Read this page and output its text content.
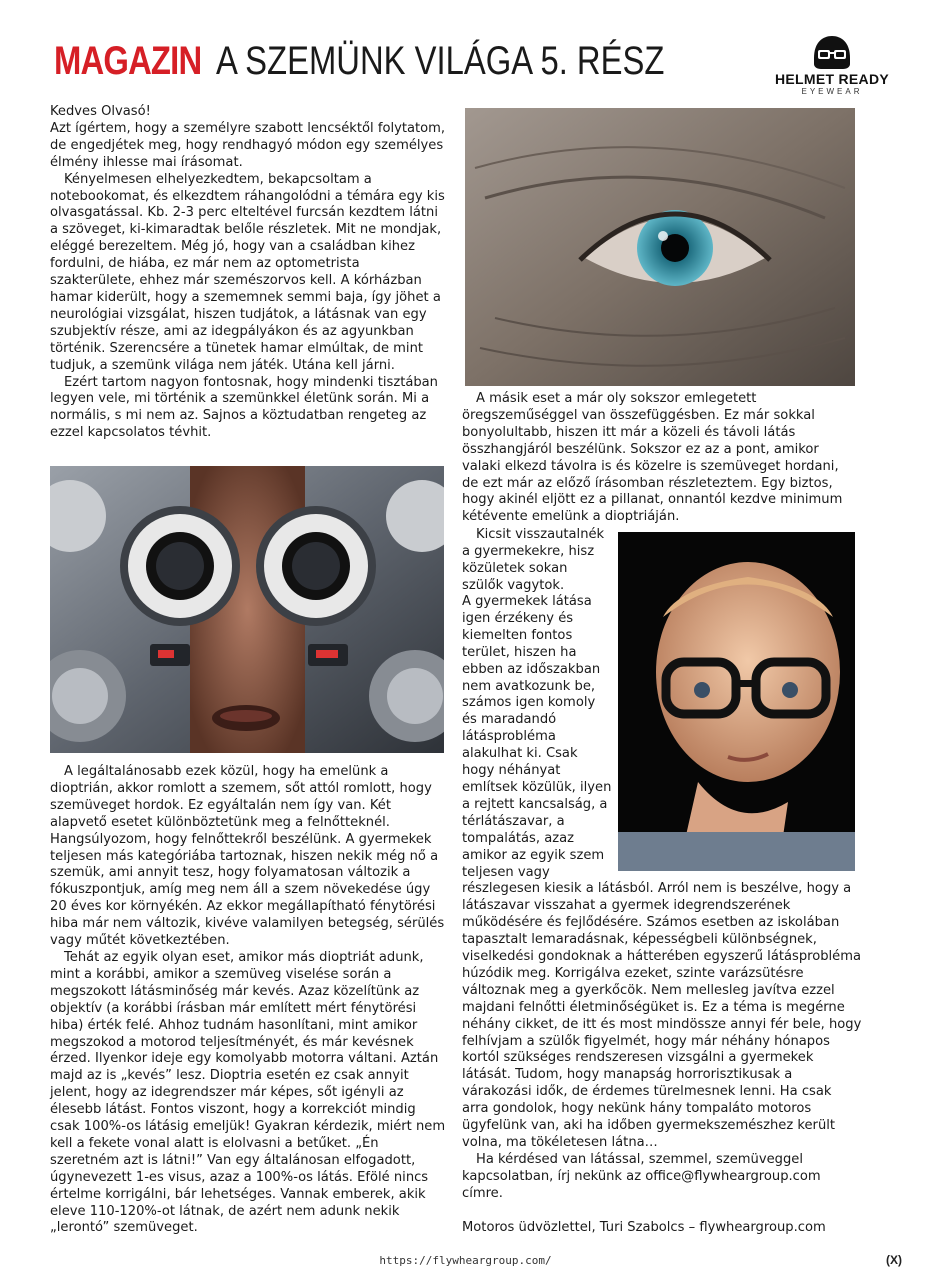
MAGAZIN A SZEMÜNK VILÁGA 5. RÉSZ	HELMET READY
EYEWEAR

Kedves Olvasó!

Azt ígértem, hogy a személyre szabott lencséktől folytatom, de engedjétek meg, hogy rendhagyó módon egy személyes élmény ihlesse mai írásomat.

Kényelmesen elhelyezkedtem, bekapcsoltam a notebookomat, és elkezdtem ráhangolódni a témára egy kis olvasgatással. Kb. 2-3 perc elteltével furcsán kezdtem látni a szöveget, ki-kimaradtak belőle részletek. Mit ne mondjak, eléggé berezeltem. Még jó, hogy van a családban kihez fordulni, de hiába, ez már nem az optometrista szakterülete, ehhez már szemészorvos kell. A kórházban hamar kiderült, hogy a szememnek semmi baja, így jöhet a neurológiai vizsgálat, hiszen tudjátok, a látásnak van egy szubjektív része, ami az idegpályákon és az agyunkban történik. Szerencsére a tünetek hamar elmúltak, de mint tudjuk, a szemünk világa nem játék. Utána kell járni.

Ezért tartom nagyon fontosnak, hogy mindenki tisztában legyen vele, mi történik a szemünkkel életünk során. Mi a normális, s mi nem az. Sajnos a köztudatban rengeteg az ezzel kapcsolatos tévhit.

A legáltalánosabb ezek közül, hogy ha emelünk a dioptrián, akkor romlott a szemem, sőt attól romlott, hogy szemüveget hordok. Ez egyáltalán nem így van. Két alapvető esetet különböztetünk meg a felnőtteknél. Hangsúlyozom, hogy felnőttekről beszélünk. A gyermekek teljesen más kategóriába tartoznak, hiszen nekik még nő a szemük, ami annyit tesz, hogy folyamatosan változik a fókuszpontjuk, amíg meg nem áll a szem növekedése úgy 20 éves kor környékén. Az ekkor megállapítható fénytörési hiba már nem változik, kivéve valamilyen betegség, sérülés vagy műtét következtében.

Tehát az egyik olyan eset, amikor más dioptriát adunk, mint a korábbi, amikor a szemüveg viselése során a megszokott látásminőség már kevés. Azaz közelítünk az objektív (a korábbi írásban már említett mért fénytörési hiba) érték felé. Ahhoz tudnám hasonlítani, mint amikor megszokod a motorod teljesítményét, és már kevésnek érzed. Ilyenkor ideje egy komolyabb motorra váltani. Aztán majd az is „kevés” lesz. Dioptria esetén ez csak annyit jelent, hogy az idegrendszer már képes, sőt igényli az élesebb látást. Fontos viszont, hogy a korrekciót mindig csak 100%-os látásig emeljük! Gyakran kérdezik, miért nem kell a fekete vonal alatt is elolvasni a betűket. „Én szeretném azt is látni!” Van egy általánosan elfogadott, úgynevezett 1-es visus, azaz a 100%-os látás. Efölé nincs értelme korrigálni, bár lehetséges. Vannak emberek, akik eleve 110-120%-ot látnak, de azért nem adunk nekik „lerontó” szemüveget.

A másik eset a már oly sokszor emlegetett öregszeműséggel van összefüggésben. Ez már sokkal bonyolultabb, hiszen itt már a közeli és távoli látás összhangjáról beszélünk. Sokszor ez az a pont, amikor valaki elkezd távolra is és közelre is szemüveget hordani, de ezt már az előző írásomban részleteztem. Egy biztos, hogy akinél eljött ez a pillanat, onnantól kezdve minimum kétévente emelünk a dioptriáján.

Kicsit visszautalnék a gyermekekre, hisz közületek sokan szülők vagytok.

A gyermekek látása igen érzékeny és kiemelten fontos terület, hiszen ha ebben az időszakban nem avatkozunk be, számos igen komoly és maradandó látásprobléma alakulhat ki. Csak hogy néhányat említsek közülük, ilyen a rejtett kancsalság, a térlátászavar, a tompalátás, azaz amikor az egyik szem teljesen vagy részlegesen kiesik a látásból. Arról nem is beszélve, hogy a látászavar visszahat a gyermek idegrendszerének működésére és fejlődésére. Számos esetben az iskolában tapasztalt lemaradásnak, képességbeli különbségnek, viselkedési gondoknak a hátterében egyszerű látásprobléma húzódik meg. Korrigálva ezeket, szinte varázsütésre változnak meg a gyerkőcök. Nem mellesleg javítva ezzel majdani felnőtti életminőségüket is. Ez a téma is megérne néhány cikket, de itt és most mindössze annyi fér bele, hogy felhívjam a szülők figyelmét, hogy már néhány hónapos kortól szükséges rendszeresen vizsgálni a gyermekek látását. Tudom, hogy manapság horrorisztikusak a várakozási idők, de érdemes türelmesnek lenni. Ha csak arra gondolok, hogy nekünk hány tompaláto motoros ügyfelünk van, aki ha időben gyermekszemészhez került volna, ma tökéletesen látna…

Ha kérdésed van látással, szemmel, szemüveggel kapcsolatban, írj nekünk az office@flywheargroup.com címre.

Motoros üdvözlettel, Turi Szabolcs – flywheargroup.com

https://flywheargroup.com/	(X)
